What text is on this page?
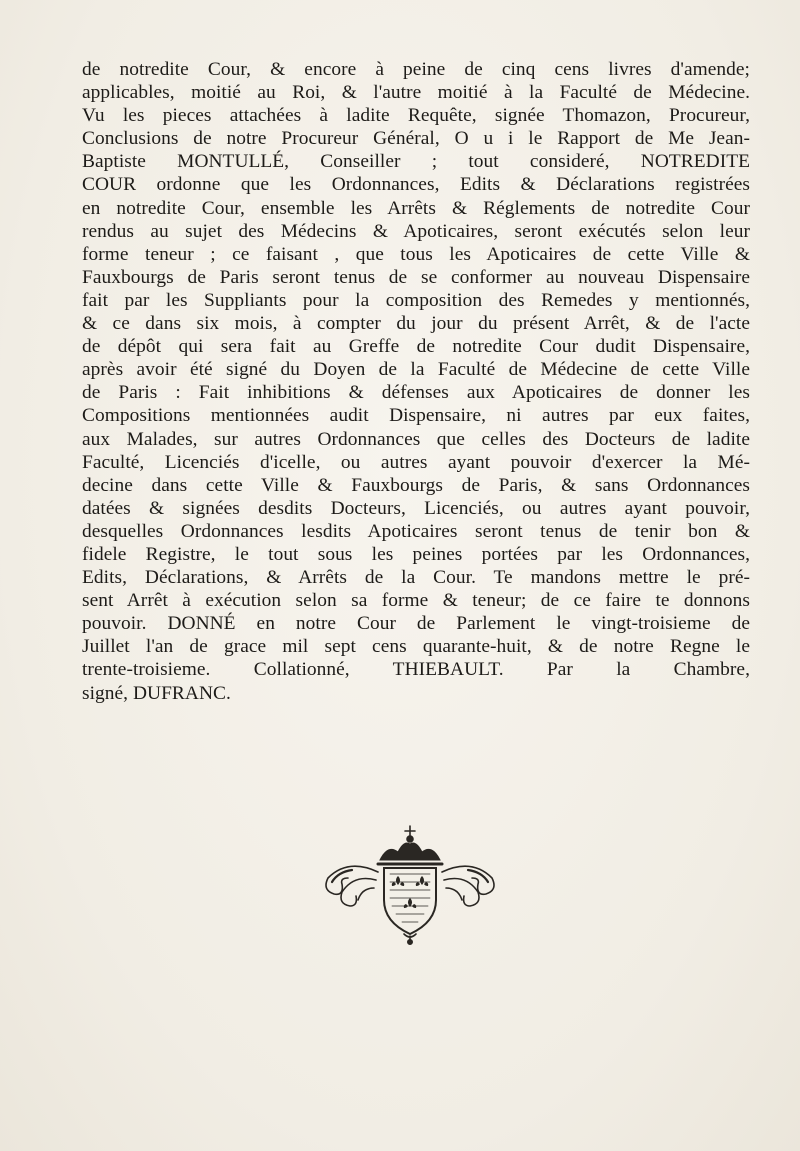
de notredite Cour, & encore à peine de cinq cens livres d'amende;
applicables, moitié au Roi, & l'autre moitié à la Faculté de Médecine.
Vu les pieces attachées à ladite Requête, signée Thomazon, Procureur,
Conclusions de notre Procureur Général, O u i le Rapport de Me Jean-
Baptiste MONTULLÉ, Conseiller ; tout consideré, NOTREDITE
COUR ordonne que les Ordonnances, Edits & Déclarations registrées
en notredite Cour, ensemble les Arrêts & Réglements de notredite Cour
rendus au sujet des Médecins & Apoticaires, seront exécutés selon leur
forme teneur ; ce faisant , que tous les Apoticaires de cette Ville &
Fauxbourgs de Paris seront tenus de se conformer au nouveau Dispensaire
fait par les Suppliants pour la composition des Remedes y mentionnés,
& ce dans six mois, à compter du jour du présent Arrêt, & de l'acte
de dépôt qui sera fait au Greffe de notredite Cour dudit Dispensaire,
après avoir été signé du Doyen de la Faculté de Médecine de cette Ville
de Paris : Fait inhibitions & défenses aux Apoticaires de donner les
Compositions mentionnées audit Dispensaire, ni autres par eux faites,
aux Malades, sur autres Ordonnances que celles des Docteurs de ladite
Faculté, Licenciés d'icelle, ou autres ayant pouvoir d'exercer la Mé-
decine dans cette Ville & Fauxbourgs de Paris, & sans Ordonnances
datées & signées desdits Docteurs, Licenciés, ou autres ayant pouvoir,
desquelles Ordonnances lesdits Apoticaires seront tenus de tenir bon &
fidele Registre, le tout sous les peines portées par les Ordonnances,
Edits, Déclarations, & Arrêts de la Cour. Te mandons mettre le pré-
sent Arrêt à exécution selon sa forme & teneur; de ce faire te donnons
pouvoir. DONNÉ en notre Cour de Parlement le vingt-troisieme de
Juillet l'an de grace mil sept cens quarante-huit, & de notre Regne le
trente-troisieme. Collationné, THIEBAULT. Par la Chambre,
signé, DUFRANC.
